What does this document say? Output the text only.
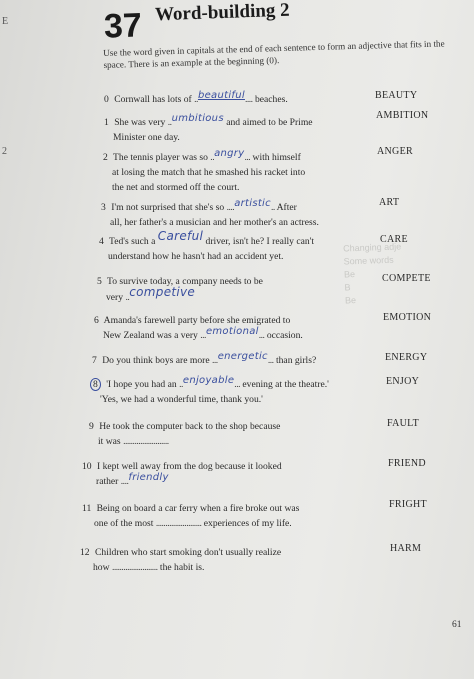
E
2
37 Word-building 2
Use the word given in capitals at the end of each sentence to form an adjective that fits in the space. There is an example at the beginning (0).
Changing adje
Some words
Be
B
Be
0 Cornwall has lots of ..beautiful.... beaches.	BEAUTY
1 She was very ..umbitious and aimed to be Prime
Minister one day.
AMBITION
2 The tennis player was so ..angry... with himself
at losing the match that he smashed his racket into
the net and stormed off the court.
ANGER
3 I'm not surprised that she's so ....artistic.. After
all, her father's a musician and her mother's an actress.
ART
4 Ted's such a Careful driver, isn't he? I really can't
understand how he hasn't had an accident yet.
CARE
5 To survive today, a company needs to be
very ..competive
COMPETE
6 Amanda's farewell party before she emigrated to
New Zealand was a very ...emotional... occasion.
EMOTION
7 Do you think boys are more ...energetic... than girls?	ENERGY
8 'I hope you had an ..enjoyable... evening at the theatre.'
'Yes, we had a wonderful time, thank you.'
ENJOY
9 He took the computer back to the shop because
it was ........................
FAULT
10 I kept well away from the dog because it looked
rather ....friendly
FRIEND
11 Being on board a car ferry when a fire broke out was
one of the most ........................ experiences of my life.
FRIGHT
12 Children who start smoking don't usually realize
how ........................ the habit is.
HARM
61
